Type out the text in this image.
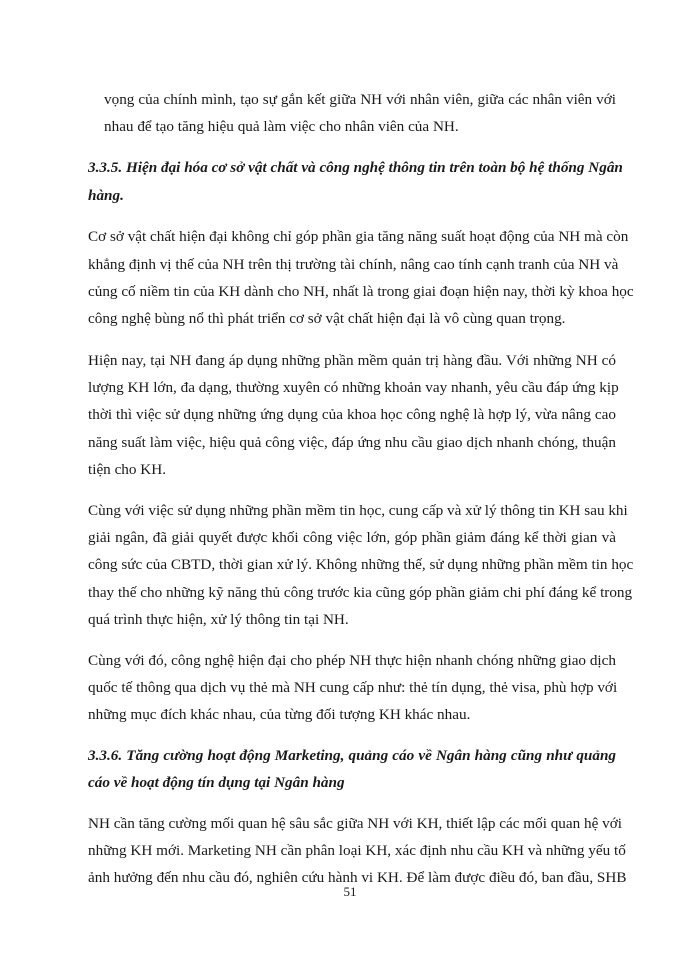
vọng của chính mình, tạo sự gắn kết giữa NH với nhân viên, giữa các nhân viên với
nhau để tạo tăng hiệu quả làm việc cho nhân viên của NH.
3.3.5. Hiện đại hóa cơ sở vật chất và công nghệ thông tin trên toàn bộ hệ thống Ngân
hàng.
Cơ sở vật chất hiện đại không chỉ góp phần gia tăng năng suất hoạt động của NH mà còn
khẳng định vị thế của NH trên thị trường tài chính, nâng cao tính cạnh tranh của NH và
củng cố niềm tin của KH dành cho NH, nhất là trong giai đoạn hiện nay, thời kỳ khoa học
công nghệ bùng nổ thì phát triển cơ sở vật chất hiện đại là vô cùng quan trọng.
Hiện nay, tại NH đang áp dụng những phần mềm quản trị hàng đầu. Với những NH có
lượng KH lớn, đa dạng, thường xuyên có những khoản vay nhanh, yêu cầu đáp ứng kịp
thời thì việc sử dụng những ứng dụng của khoa học công nghệ là hợp lý, vừa nâng cao
năng suất làm việc, hiệu quả công việc, đáp ứng nhu cầu giao dịch nhanh chóng, thuận
tiện cho KH.
Cùng với việc sử dụng những phần mềm tin học, cung cấp và xử lý thông tin KH sau khi
giải ngân, đã giải quyết được khối công việc lớn, góp phần giảm đáng kể thời gian và
công sức của CBTD, thời gian xử lý. Không những thế, sử dụng những phần mềm tin học
thay thế cho những kỹ năng thủ công trước kia cũng góp phần giảm chi phí đáng kể trong
quá trình thực hiện, xử lý thông tin tại NH.
Cùng với đó, công nghệ hiện đại cho phép NH thực hiện nhanh chóng những giao dịch
quốc tế thông qua dịch vụ thẻ mà NH cung cấp như: thẻ tín dụng, thẻ visa, phù hợp với
những mục đích khác nhau, của từng đối tượng KH khác nhau.
3.3.6. Tăng cường hoạt động Marketing, quảng cáo về Ngân hàng cũng như quảng
cáo về hoạt động tín dụng tại Ngân hàng
NH cần tăng cường mối quan hệ sâu sắc giữa NH với KH, thiết lập các mối quan hệ với
những KH mới. Marketing NH cần phân loại KH, xác định nhu cầu KH và những yếu tố
ảnh hưởng đến nhu cầu đó, nghiên cứu hành vi KH. Để làm được điều đó, ban đầu, SHB
51
